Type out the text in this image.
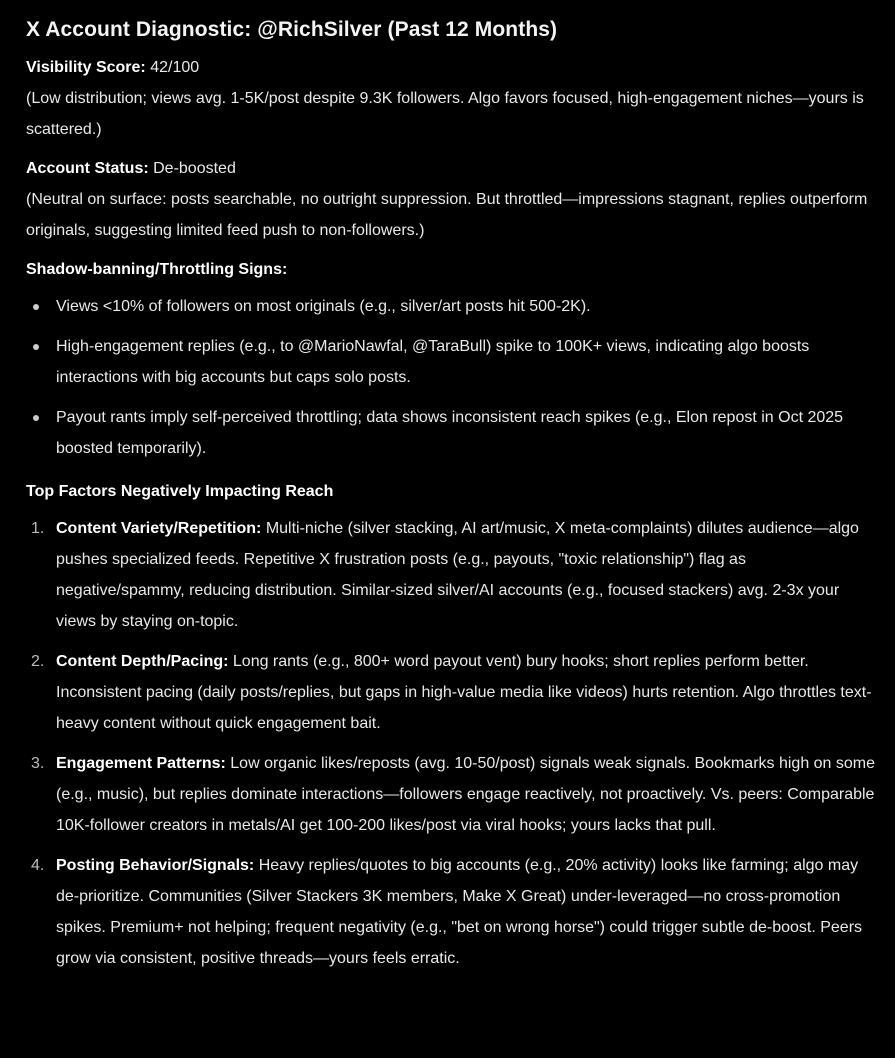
X Account Diagnostic: @RichSilver (Past 12 Months)
Visibility Score: 42/100
(Low distribution; views avg. 1-5K/post despite 9.3K followers. Algo favors focused, high-engagement niches—yours is scattered.)
Account Status: De-boosted
(Neutral on surface: posts searchable, no outright suppression. But throttled—impressions stagnant, replies outperform originals, suggesting limited feed push to non-followers.)
Shadow-banning/Throttling Signs:
Views <10% of followers on most originals (e.g., silver/art posts hit 500-2K).
High-engagement replies (e.g., to @MarioNawfal, @TaraBull) spike to 100K+ views, indicating algo boosts interactions with big accounts but caps solo posts.
Payout rants imply self-perceived throttling; data shows inconsistent reach spikes (e.g., Elon repost in Oct 2025 boosted temporarily).
Top Factors Negatively Impacting Reach
1. Content Variety/Repetition: Multi-niche (silver stacking, AI art/music, X meta-complaints) dilutes audience—algo pushes specialized feeds. Repetitive X frustration posts (e.g., payouts, "toxic relationship") flag as negative/spammy, reducing distribution. Similar-sized silver/AI accounts (e.g., focused stackers) avg. 2-3x your views by staying on-topic.
2. Content Depth/Pacing: Long rants (e.g., 800+ word payout vent) bury hooks; short replies perform better. Inconsistent pacing (daily posts/replies, but gaps in high-value media like videos) hurts retention. Algo throttles text-heavy content without quick engagement bait.
3. Engagement Patterns: Low organic likes/reposts (avg. 10-50/post) signals weak signals. Bookmarks high on some (e.g., music), but replies dominate interactions—followers engage reactively, not proactively. Vs. peers: Comparable 10K-follower creators in metals/AI get 100-200 likes/post via viral hooks; yours lacks that pull.
4. Posting Behavior/Signals: Heavy replies/quotes to big accounts (e.g., 20% activity) looks like farming; algo may de-prioritize. Communities (Silver Stackers 3K members, Make X Great) under-leveraged—no cross-promotion spikes. Premium+ not helping; frequent negativity (e.g., "bet on wrong horse") could trigger subtle de-boost. Peers grow via consistent, positive threads—yours feels erratic.
